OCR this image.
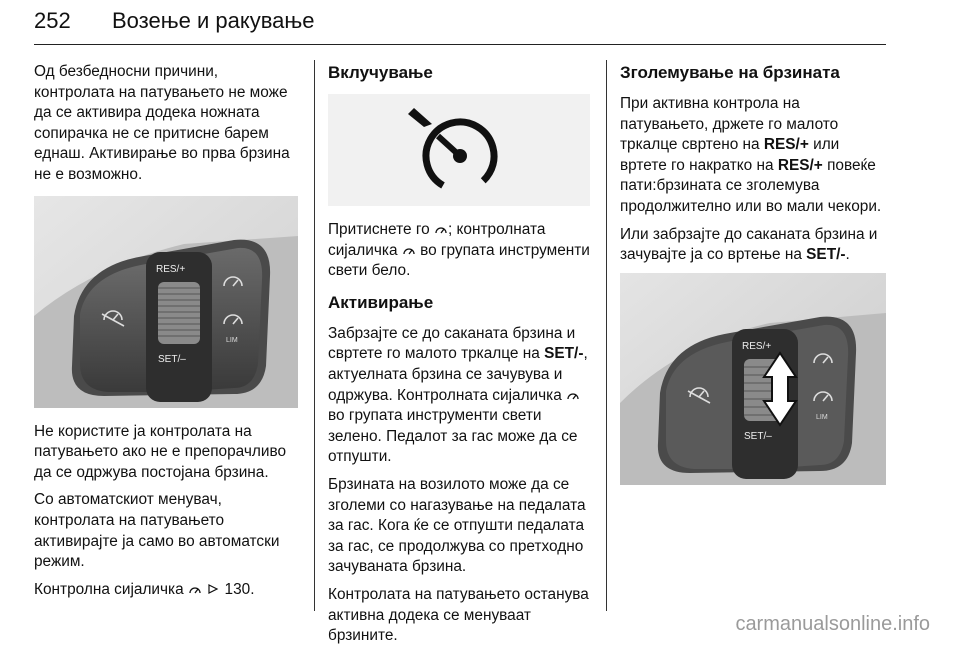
252 Возење и ракување

Од безбедносни причини, контролата на патувањето не може да се активира додека ножната сопирачка не се притисне барем еднаш. Активирање во прва брзина не е возможно.

RES/+
SET/–
LIM

Не користите ја контролата на патувањето ако не е препорачливо да се одржува постојана брзина.

Со автоматскиот менувач, контролата на патувањето активирајте ја само во автоматски режим.

Контролна сијаличка	130.

Вклучување

Притиснете го ; контролната сијаличка во групата инструменти свети бело.

Активирање

Забрзајте се до саканата брзина и свртете го малото тркалце на SET/-, актуелната брзина се зачувува и одржува. Контролната сијаличка  во групата инструменти свети зелено. Педалот за гас може да се отпушти.

Брзината на возилото може да се зголеми со нагазување на педалата за гас. Кога ќе се отпушти педалата за гас, се продолжува со претходно зачуваната брзина.

Контролата на патувањето останува активна додека се менуваат брзините.

Зголемување на брзината

При активна контрола на патувањето, држете го малото тркалце свртено на RES/+ или вртете го накратко на RES/+ повеќе пати:брзината се зголемува продолжително или во мали чекори.

Или забрзајте до саканата брзина и зачувајте ја со вртење на SET/-.

RES/+
SET/–
LIM
carmanualsonline.info
